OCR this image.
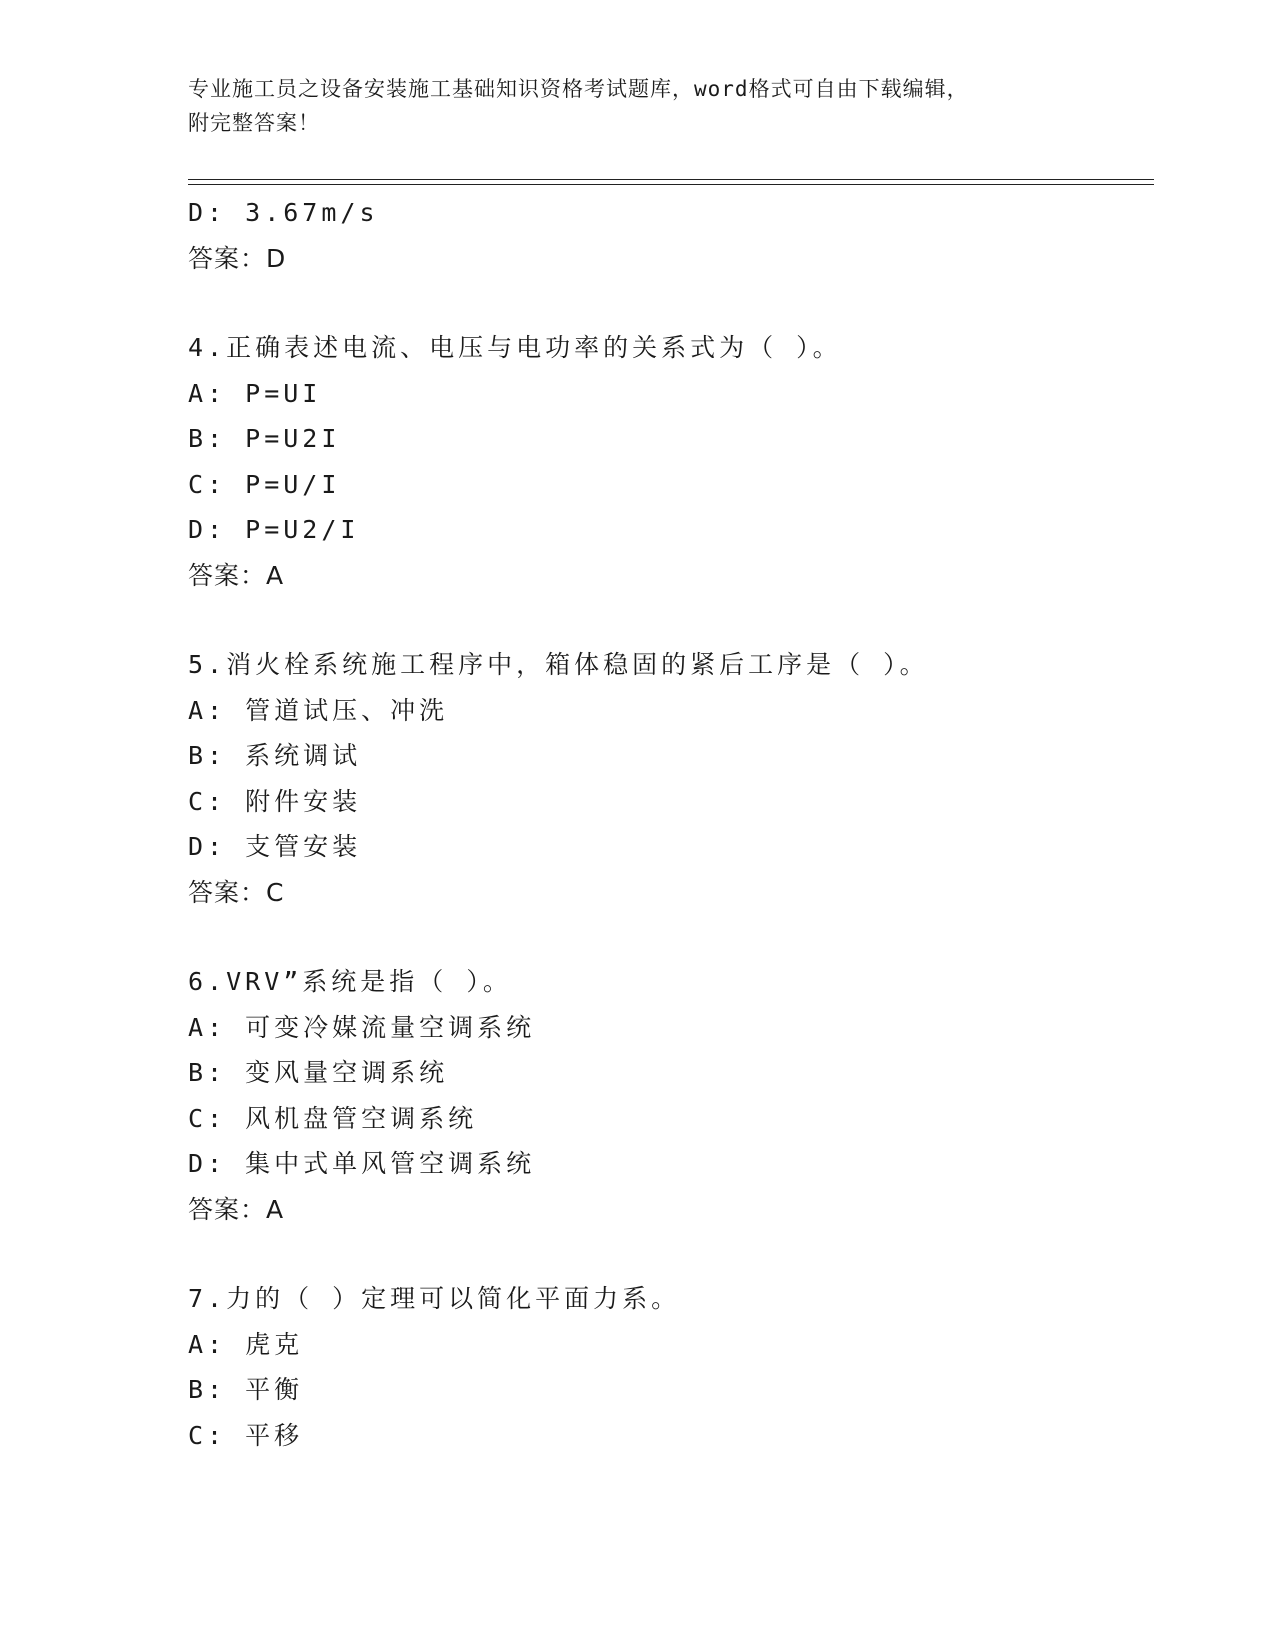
专业施工员之设备安装施工基础知识资格考试题库，word格式可自由下载编辑，
附完整答案！
D: 3.67m/s
答案：D
4.正确表述电流、电压与电功率的关系式为（ ）。
A: P=UI
B: P=U2I
C: P=U/I
D: P=U2/I
答案：A
5.消火栓系统施工程序中，箱体稳固的紧后工序是（ ）。
A: 管道试压、冲洗
B: 系统调试
C: 附件安装
D: 支管安装
答案：C
6.VRV”系统是指（ ）。
A: 可变冷媒流量空调系统
B: 变风量空调系统
C: 风机盘管空调系统
D: 集中式单风管空调系统
答案：A
7.力的（ ）定理可以简化平面力系。
A: 虎克
B: 平衡
C: 平移
